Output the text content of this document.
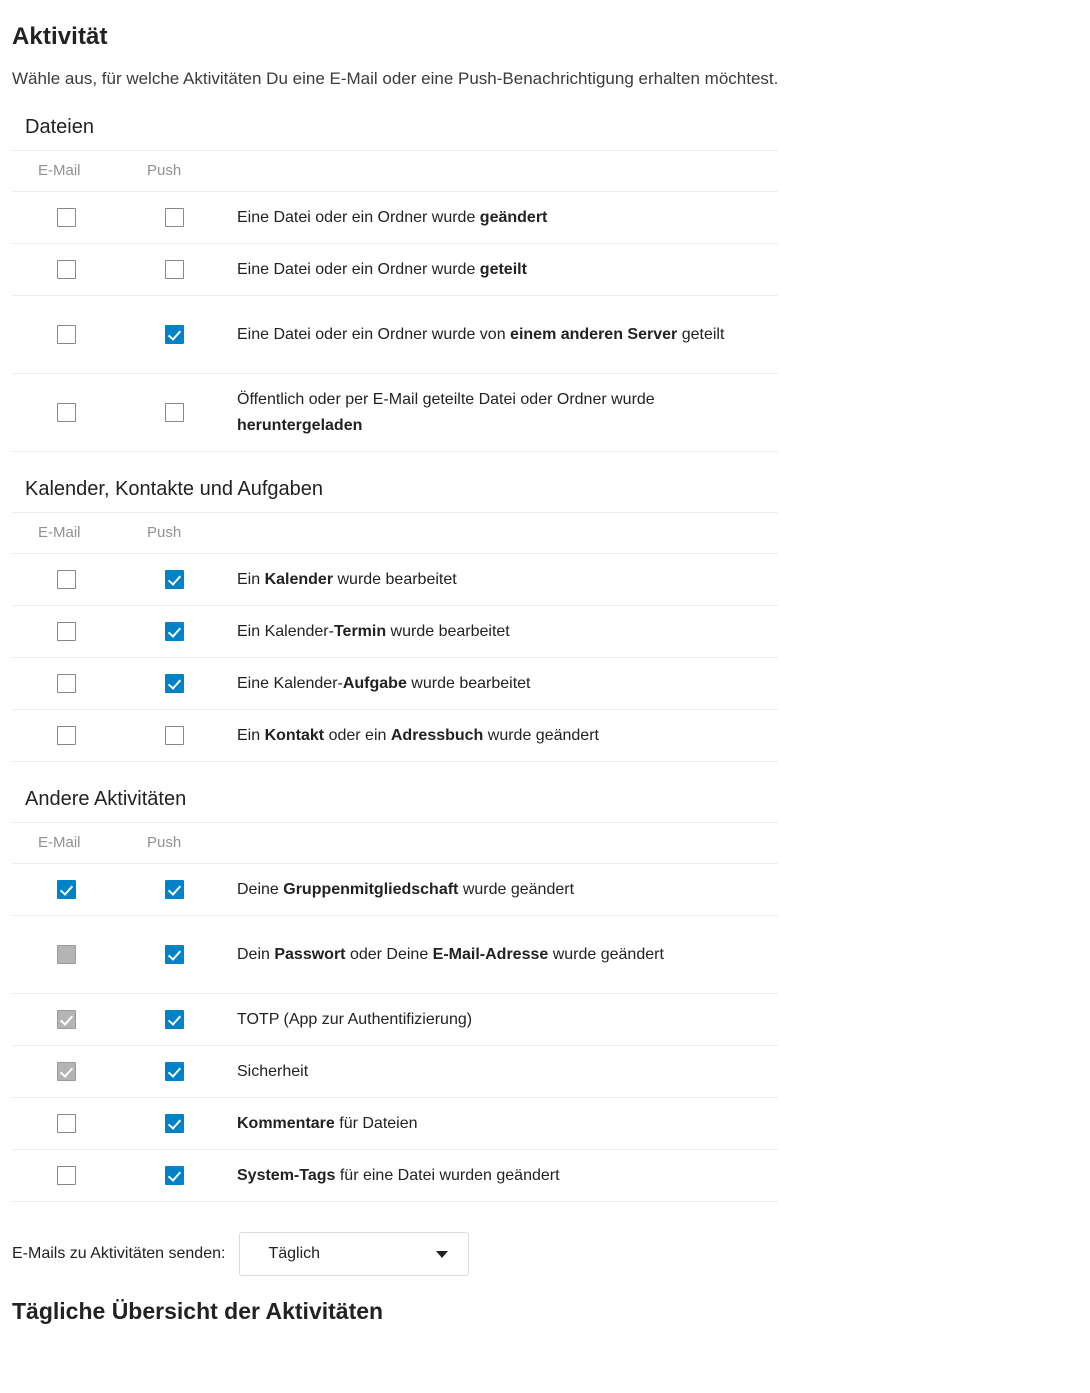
Aktivität

Wähle aus, für welche Aktivitäten Du eine E-Mail oder eine Push-Benachrichtigung erhalten möchtest.

Dateien
E-Mail	Push	
		Eine Datei oder ein Ordner wurde geändert
		Eine Datei oder ein Ordner wurde geteilt
		Eine Datei oder ein Ordner wurde von einem anderen Server geteilt
		Öffentlich oder per E-Mail geteilte Datei oder Ordner wurde heruntergeladen
Kalender, Kontakte und Aufgaben
E-Mail	Push	
		Ein Kalender wurde bearbeitet
		Ein Kalender-Termin wurde bearbeitet
		Eine Kalender-Aufgabe wurde bearbeitet
		Ein Kontakt oder ein Adressbuch wurde geändert
Andere Aktivitäten
E-Mail	Push	
		Deine Gruppenmitgliedschaft wurde geändert
		Dein Passwort oder Deine E-Mail-Adresse wurde geändert
		TOTP (App zur Authentifizierung)
		Sicherheit
		Kommentare für Dateien
		System-Tags für eine Datei wurden geändert
E-Mails zu Aktivitäten senden:	Täglich
Tägliche Übersicht der Aktivitäten
